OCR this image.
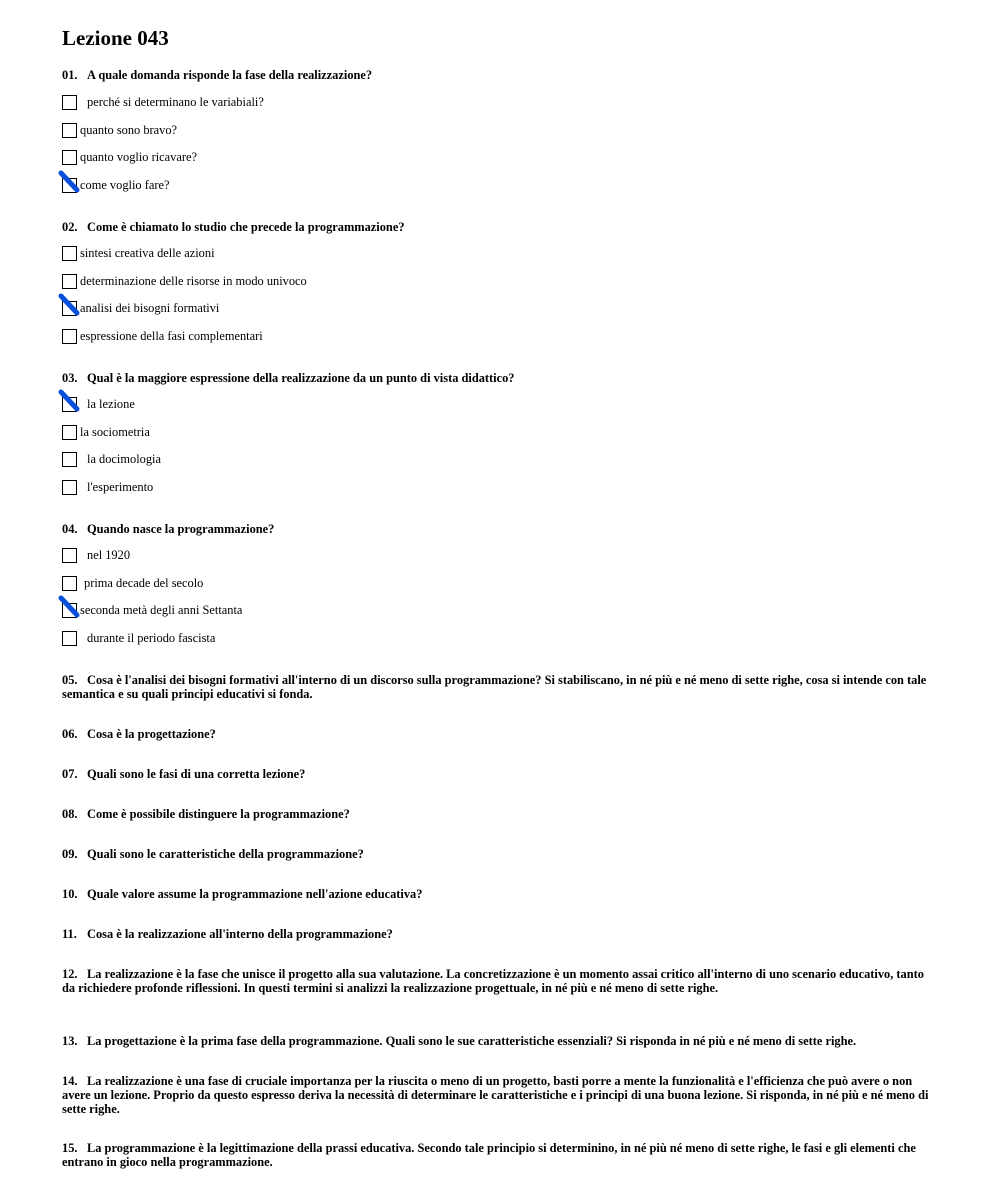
Lezione 043
01. A quale domanda risponde la fase della realizzazione?
perché si determinano le variabiali?
quanto sono bravo?
quanto voglio ricavare?
come voglio fare?
02. Come è chiamato lo studio che precede la programmazione?
sintesi creativa delle azioni
determinazione delle risorse in modo univoco
analisi dei bisogni formativi
espressione della fasi complementari
03. Qual è la maggiore espressione della realizzazione da un punto di vista didattico?
la lezione
la sociometria
la docimologia
l'esperimento
04. Quando nasce la programmazione?
nel 1920
prima decade del secolo
seconda metà degli anni Settanta
durante il periodo fascista
05. Cosa è l'analisi dei bisogni formativi all'interno di un discorso sulla programmazione? Si stabiliscano, in né più e né meno di sette righe, cosa si intende con tale semantica e su quali principi educativi si fonda.
06. Cosa è la progettazione?
07. Quali sono le fasi di una corretta lezione?
08. Come è possibile distinguere la programmazione?
09. Quali sono le caratteristiche della programmazione?
10. Quale valore assume la programmazione nell'azione educativa?
11. Cosa è la realizzazione all'interno della programmazione?
12. La realizzazione è la fase che unisce il progetto alla sua valutazione. La concretizzazione è un momento assai critico all'interno di uno scenario educativo, tanto da richiedere profonde riflessioni. In questi termini si analizzi la realizzazione progettuale, in né più e né meno di sette righe.
13. La progettazione è la prima fase della programmazione. Quali sono le sue caratteristiche essenziali? Si risponda in né più e né meno di sette righe.
14. La realizzazione è una fase di cruciale importanza per la riuscita o meno di un progetto, basti porre a mente la funzionalità e l'efficienza che può avere o non avere un lezione. Proprio da questo espresso deriva la necessità di determinare le caratteristiche e i principi di una buona lezione. Si risponda, in né più e né meno di sette righe.
15. La programmazione è la legittimazione della prassi educativa. Secondo tale principio si determinino, in né più né meno di sette righe, le fasi e gli elementi che entrano in gioco nella programmazione.
